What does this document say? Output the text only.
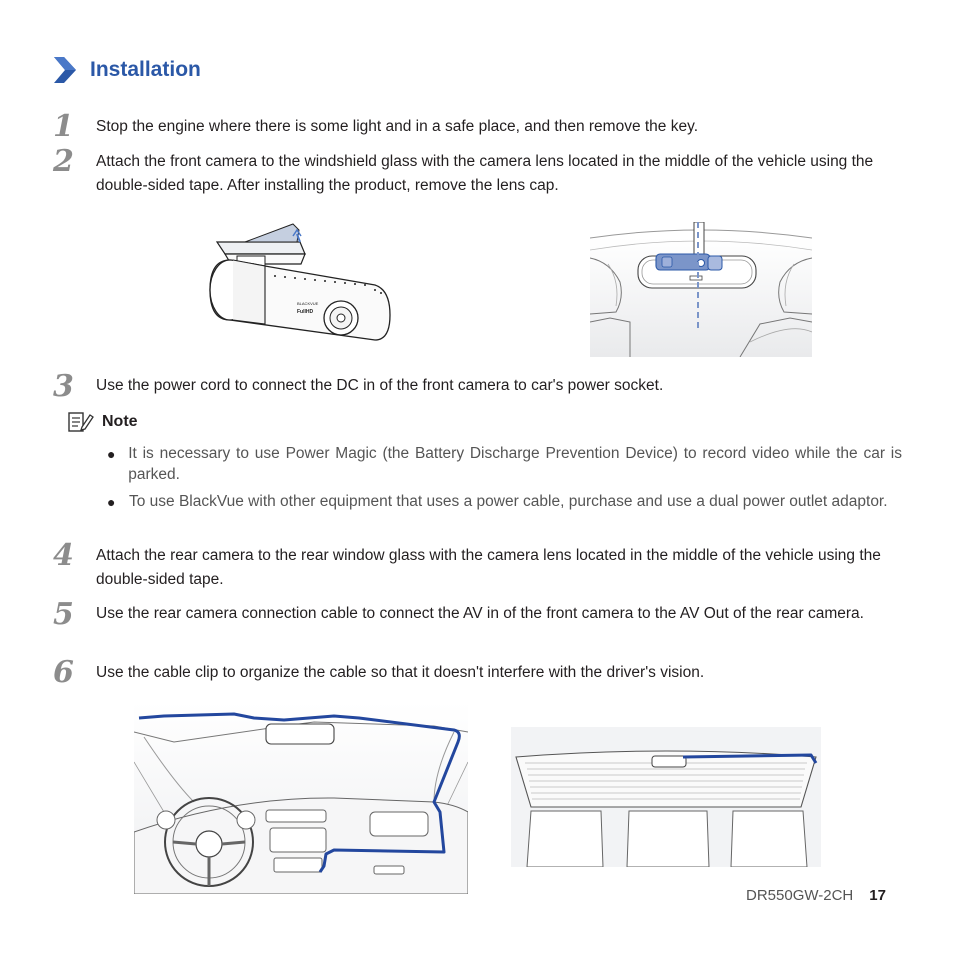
Installation
1	Stop the engine where there is some light and in a safe place, and then remove the key.
2	Attach the front camera to the windshield glass with the camera lens located in the middle of the vehicle using the double-sided tape. After installing the product, remove the lens cap.
BLACKVUE
FullHD
3	Use the power cord to connect the DC in of the front camera to car's power socket.
Note
● It is necessary to use Power Magic (the Battery Discharge Prevention Device) to record video while the car is parked.
● To use BlackVue with other equipment that uses a power cable, purchase and use a dual power outlet adaptor.
4	Attach the rear camera to the rear window glass with the camera lens located in the middle of the vehicle using the double-sided tape.
5	Use the rear camera connection cable to connect the AV in of the front camera to the AV Out of the rear camera.
6	Use the cable clip to organize the cable so that it doesn't interfere with the driver's vision.
DR550GW-2CH 17
